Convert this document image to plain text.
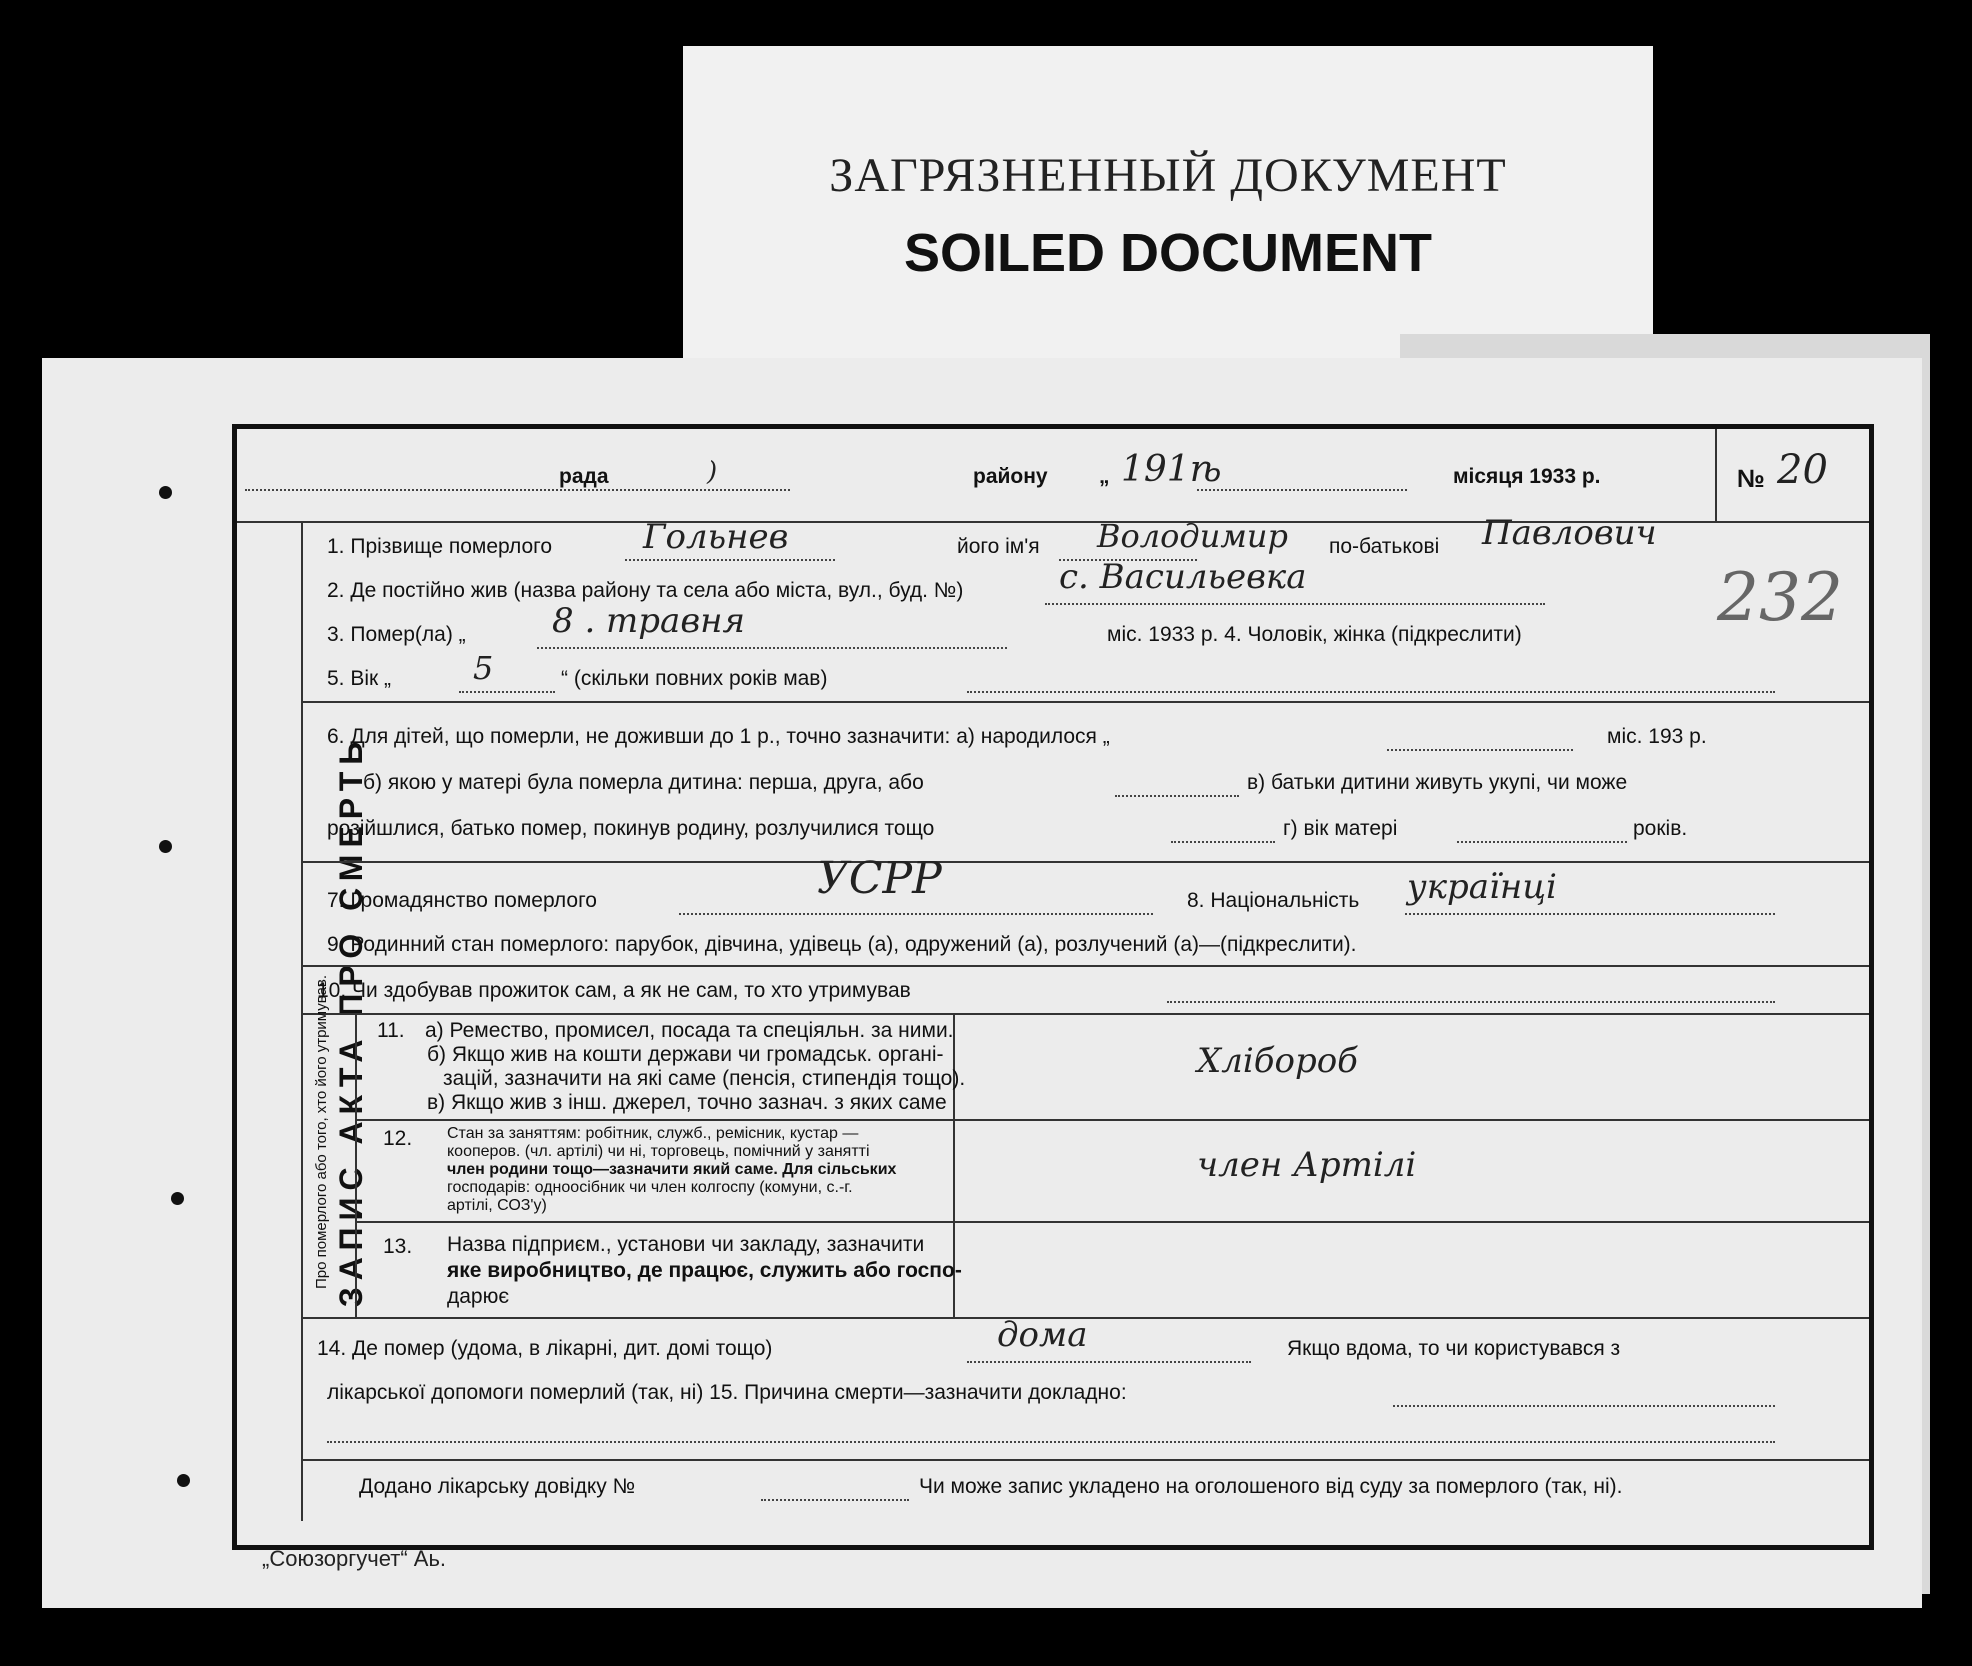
ЗАГРЯЗНЕННЫЙ ДОКУМЕНТ
SOILED DOCUMENT
рада	)	району „ 191ѣ	місяця 1933 р.	№ 20
ЗАПИС АКТА ПРО СМЕРТЬ
232
1. Прізвище померлого	Гольнев	його ім'я Володимир по-батькові Павлович
2. Де постійно жив (назва району та села або міста, вул., буд. №)	с. Васильевка
3. Помер(ла) „	8 . травня	міс. 1933 р. 4. Чоловік, жінка (підкреслити)
5. Вік „	5	“ (скільки повних років мав)
6. Для дітей, що померли, не доживши до 1 р., точно зазначити: а) народилося „	міс. 193 р.
б) якою у матері була померла дитина: перша, друга, або	в) батьки дитини живуть укупі, чи може
розійшлися, батько помер, покинув родину, розлучилися тощо	г) вік матері	років.
7. Громадянство померлого	УСРР	8. Національність українці
9. Родинний стан померлого: парубок, дівчина, удівець (а), одружений (а), розлучений (а)—(підкреслити).
10. Чи здобував прожиток сам, а як не сам, то хто утримував
Про померлого або того, хто його утримував. 11. а) Ремество, промисел, посада та спеціяльн. за ними.
б) Якщо жив на кошти держави чи громадськ. органі-
зацій, зазначити на які саме (пенсія, стипендія тощо).
в) Якщо жив з інш. джерел, точно зазнач. з яких саме
Хлібороб
12. Стан за заняттям: робітник, служб., ремісник, кустар —
кооперов. (чл. артілі) чи ні, торговець, помічний у занятті
член родини тощо—зазначити який саме. Для сільських
господарів: одноосібник чи член колгоспу (комуни, с.-г.
артілі, СОЗ'у)
член Артілі
13. Назва підприєм., установи чи закладу, зазначити
яке виробництво, де працює, служить або госпо-
дарює
14. Де помер (удома, в лікарні, дит. домі тощо)	дома	Якщо вдома, то чи користувався з
лікарської допомоги померлий (так, ні) 15. Причина смерти—зазначити докладно:
Додано лікарську довідку №	Чи може запис укладено на оголошеного від суду за померлого (так, ні).
„Союзоргучет“ Аь.
